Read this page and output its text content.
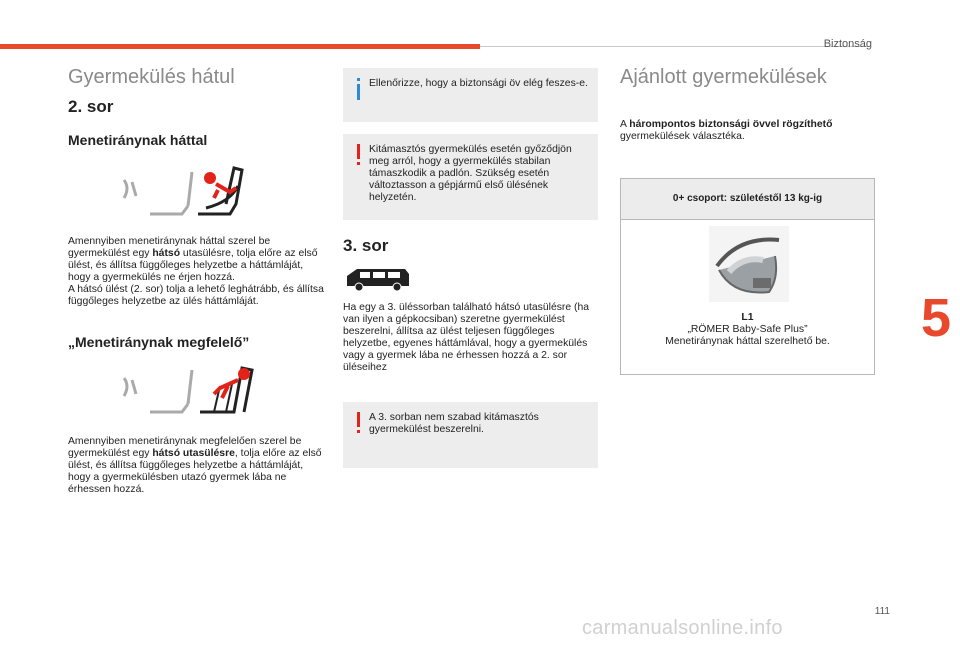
Biztonság
5
111
carmanualsonline.info
Gyermekülés hátul
2. sor
Menetiránynak háttal

Amennyiben menetiránynak háttal szerel be gyermekülést egy hátsó utasülésre, tolja előre az első ülést, és állítsa függőleges helyzetbe a háttámláját, hogy a gyermekülés ne érjen hozzá.

A hátsó ülést (2. sor) tolja a lehető leghátrább, és állítsa függőleges helyzetbe az ülés háttámláját.

„Menetiránynak megfelelő”

Amennyiben menetiránynak megfelelően szerel be gyermekülést egy hátsó utasülésre, tolja előre az első ülést, és állítsa függőleges helyzetbe a háttámláját, hogy a gyermekülésben utazó gyermek lába ne érhessen hozzá.

Ellenőrizze, hogy a biztonsági öv elég feszes-e.
Kitámasztós gyermekülés esetén győződjön meg arról, hogy a gyermekülés stabilan támaszkodik a padlón. Szükség esetén változtasson a gépjármű első ülésének helyzetén.
3. sor

Ha egy a 3. üléssorban található hátsó utasülésre (ha van ilyen a gépkocsiban) szeretne gyermekülést beszerelni, állítsa az ülést teljesen függőleges helyzetbe, egyenes háttámlával, hogy a gyermekülés vagy a gyermek lába ne érhessen hozzá a 2. sor üléseihez

A 3. sorban nem szabad kitámasztós gyermekülést beszerelni.
Ajánlott gyermekülések

A hárompontos biztonsági övvel rögzíthető gyermekülések választéka.

0+ csoport: születéstől 13 kg-ig
L1
„RÖMER Baby-Safe Plus”
Menetiránynak háttal szerelhető be.
